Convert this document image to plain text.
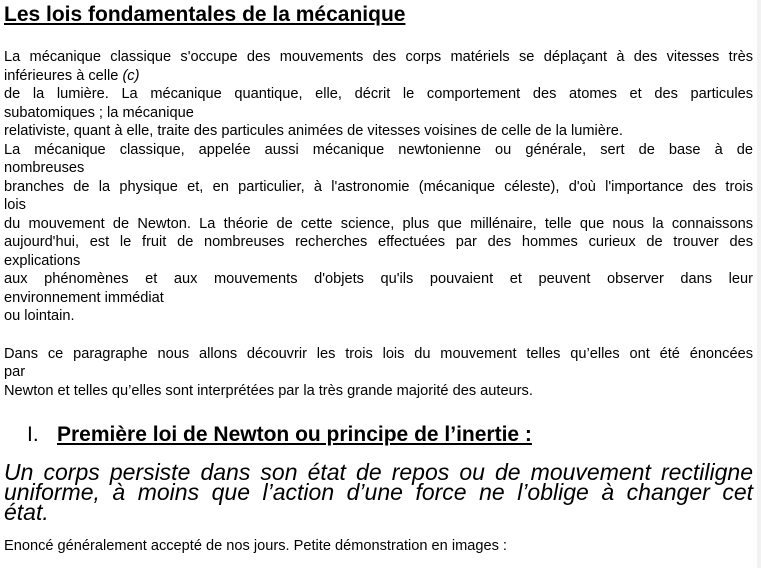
Les lois fondamentales de la mécanique

La mécanique classique s'occupe des mouvements des corps matériels se déplaçant à des vitesses très

inférieures à celle (c)

de la lumière. La mécanique quantique, elle, décrit le comportement des atomes et des particules

subatomiques ; la mécanique

relativiste, quant à elle, traite des particules animées de vitesses voisines de celle de la lumière.

La mécanique classique, appelée aussi mécanique newtonienne ou générale, sert de base à de

nombreuses

branches de la physique et, en particulier, à l'astronomie (mécanique céleste), d'où l'importance des trois

lois

du mouvement de Newton. La théorie de cette science, plus que millénaire, telle que nous la connaissons

aujourd'hui, est le fruit de nombreuses recherches effectuées par des hommes curieux de trouver des

explications

aux phénomènes et aux mouvements d'objets qu'ils pouvaient et peuvent observer dans leur

environnement immédiat

ou lointain.

Dans ce paragraphe nous allons découvrir les trois lois du mouvement telles qu’elles ont été énoncées

par

Newton et telles qu’elles sont interprétées par la très grande majorité des auteurs.

I. Première loi de Newton ou principe de l’inertie :
Un corps persiste dans son état de repos ou de mouvement rectiligne
uniforme, à moins que l’action d’une force ne l’oblige à changer cet
état.
Enoncé généralement accepté de nos jours. Petite démonstration en images :
